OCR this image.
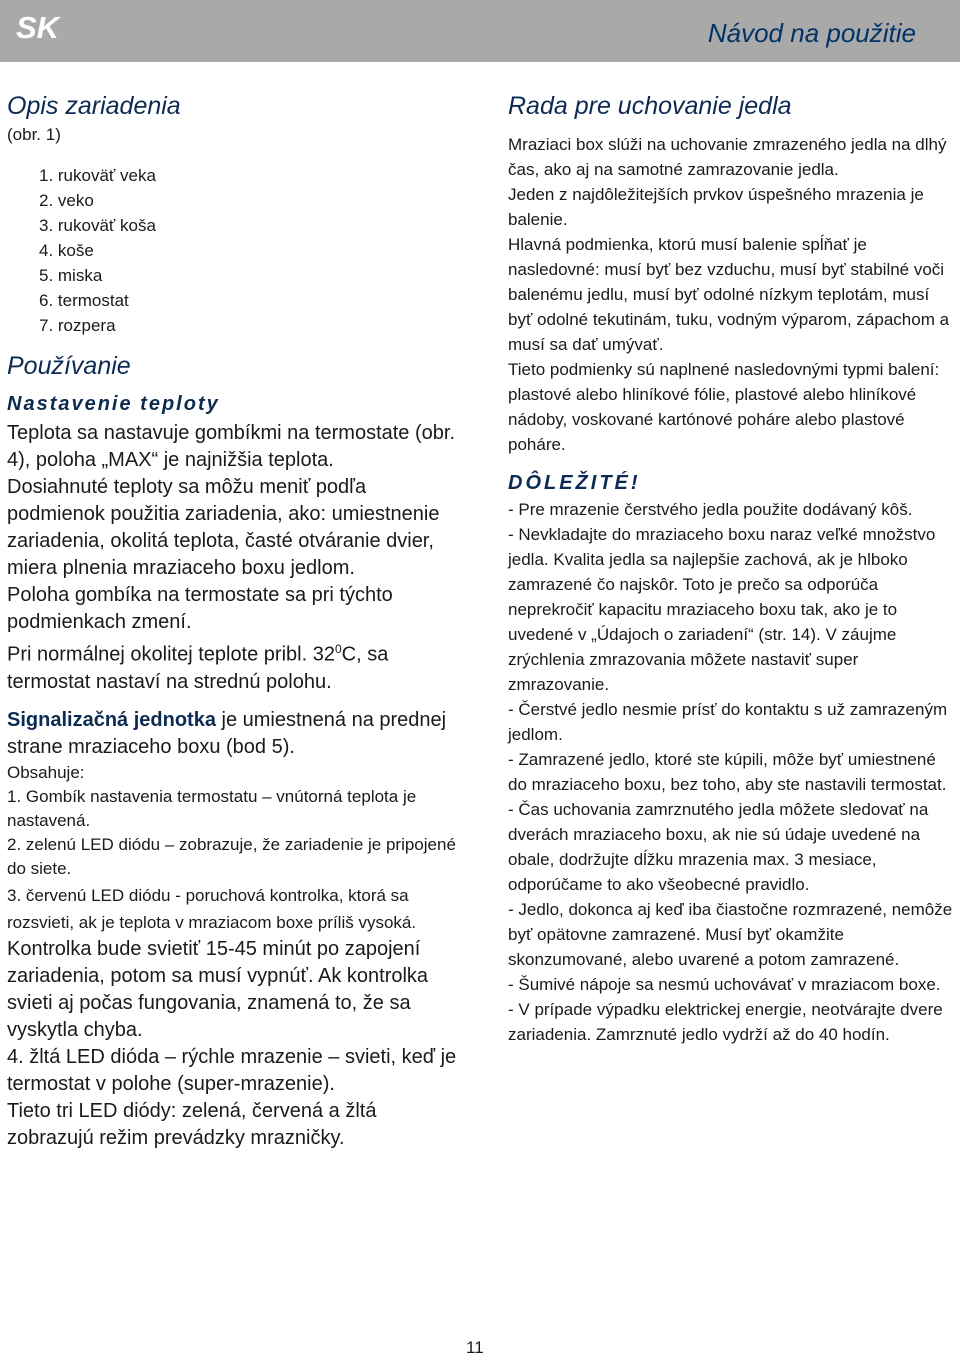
SK	Návod na použitie
Opis zariadenia
(obr. 1)
1. rukoväť veka
2. veko
3. rukoväť koša
4. koše
5. miska
6. termostat
7. rozpera
Používanie
Nastavenie teploty

Teplota sa nastavuje gombíkmi na termostate (obr. 4), poloha „MAX“ je najnižšia teplota.

Dosiahnuté teploty sa môžu meniť podľa podmienok použitia zariadenia, ako: umiestnenie zariadenia, okolitá teplota, časté otváranie dvier, miera plnenia mraziaceho boxu jedlom.

Poloha gombíka na termostate sa pri týchto podmienkach zmení.

Pri normálnej okolitej teplote pribl. $32^0C$, sa termostat nastaví na strednú polohu.

Signalizačná jednotka je umiestnená na prednej strane mraziaceho boxu (bod 5).

Obsahuje:

1. Gombík nastavenia termostatu – vnútorná teplota je nastavená.

2. zelenú LED diódu – zobrazuje, že zariadenie je pripojené do siete.

3. červenú LED diódu - poruchová kontrolka, ktorá sa rozsvieti, ak je teplota v mraziacom boxe príliš vysoká. Kontrolka bude svietiť 15-45 minút po zapojení zariadenia, potom sa musí vypnúť. Ak kontrolka svieti aj počas fungovania, znamená to, že sa vyskytla chyba.

4. žltá LED dióda – rýchle mrazenie – svieti, keď je termostat v polohe (super-mrazenie).

Tieto tri LED diódy: zelená, červená a žltá zobrazujú režim prevádzky mrazničky.

Rada pre uchovanie jedla

Mraziaci box slúži na uchovanie zmrazeného jedla na dlhý čas, ako aj na samotné zamrazovanie jedla.

Jeden z najdôležitejších prvkov úspešného mrazenia je balenie.

Hlavná podmienka, ktorú musí balenie spĺňať je nasledovné: musí byť bez vzduchu, musí byť stabilné voči balenému jedlu, musí byť odolné nízkym teplotám, musí byť odolné tekutinám, tuku, vodným výparom, zápachom a musí sa dať umývať.

Tieto podmienky sú naplnené nasledovnými typmi balení: plastové alebo hliníkové fólie, plastové alebo hliníkové nádoby, voskované kartónové poháre alebo plastové poháre.

DÔLEŽITÉ!

- Pre mrazenie čerstvého jedla použite dodávaný kôš.

- Nevkladajte do mraziaceho boxu naraz veľké množstvo jedla. Kvalita jedla sa najlepšie zachová, ak je hlboko zamrazené čo najskôr. Toto je prečo sa odporúča neprekročiť kapacitu mraziaceho boxu tak, ako je to uvedené v „Údajoch o zariadení“ (str. 14). V záujme zrýchlenia zmrazovania môžete nastaviť super zmrazovanie.

- Čerstvé jedlo nesmie prísť do kontaktu s už zamrazeným jedlom.

- Zamrazené jedlo, ktoré ste kúpili, môže byť umiestnené do mraziaceho boxu, bez toho, aby ste nastavili termostat.

- Čas uchovania zamrznutého jedla môžete sledovať na dverách mraziaceho boxu, ak nie sú údaje uvedené na obale, dodržujte dĺžku mrazenia max. 3 mesiace, odporúčame to ako všeobecné pravidlo.

- Jedlo, dokonca aj keď iba čiastočne rozmrazené, nemôže byť opätovne zamrazené. Musí byť okamžite skonzumované, alebo uvarené a potom zamrazené.

- Šumivé nápoje sa nesmú uchovávať v mraziacom boxe.

- V prípade výpadku elektrickej energie, neotvárajte dvere zariadenia. Zamrznuté jedlo vydrží až do 40 hodín.

11
